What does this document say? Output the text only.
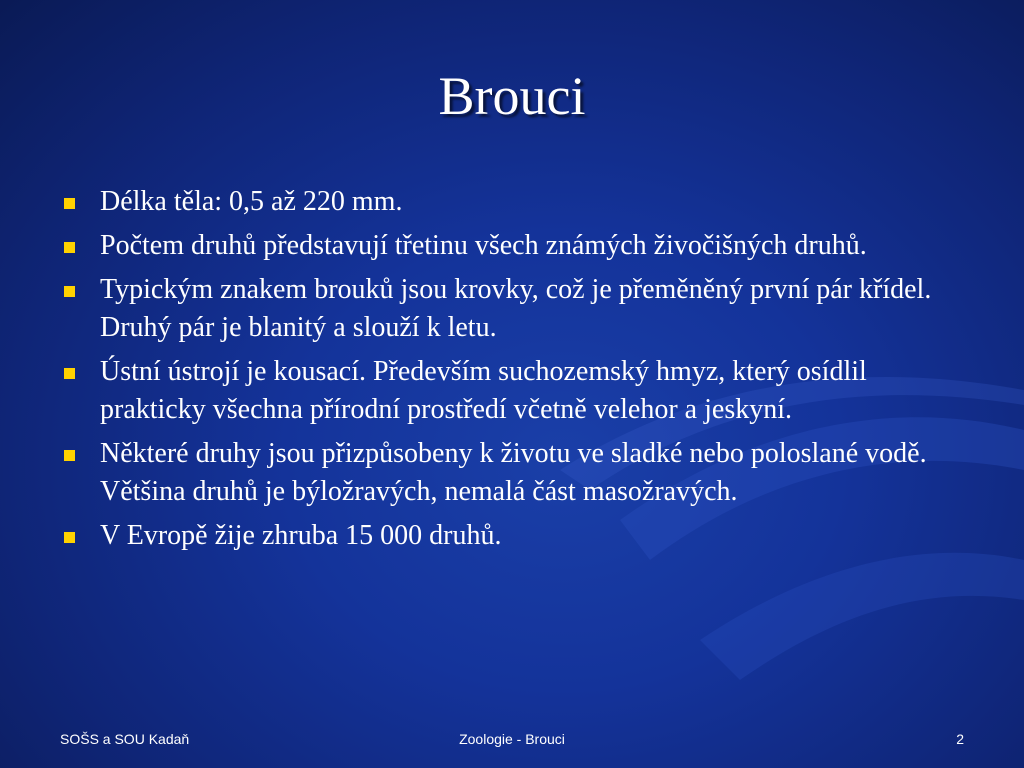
Brouci
Délka těla: 0,5 až 220 mm.
Počtem druhů představují třetinu všech známých živočišných druhů.
Typickým znakem brouků jsou krovky, což je přeměněný první pár křídel. Druhý pár je blanitý a slouží k letu.
Ústní ústrojí je kousací. Především suchozemský hmyz, který osídlil prakticky všechna přírodní prostředí včetně velehor a jeskyní.
Některé druhy jsou přizpůsobeny k životu ve sladké nebo poloslané vodě. Většina druhů je býložravých, nemalá část masožravých.
V Evropě žije zhruba 15 000 druhů.
SOŠS a SOU Kadaň	Zoologie - Brouci	2
